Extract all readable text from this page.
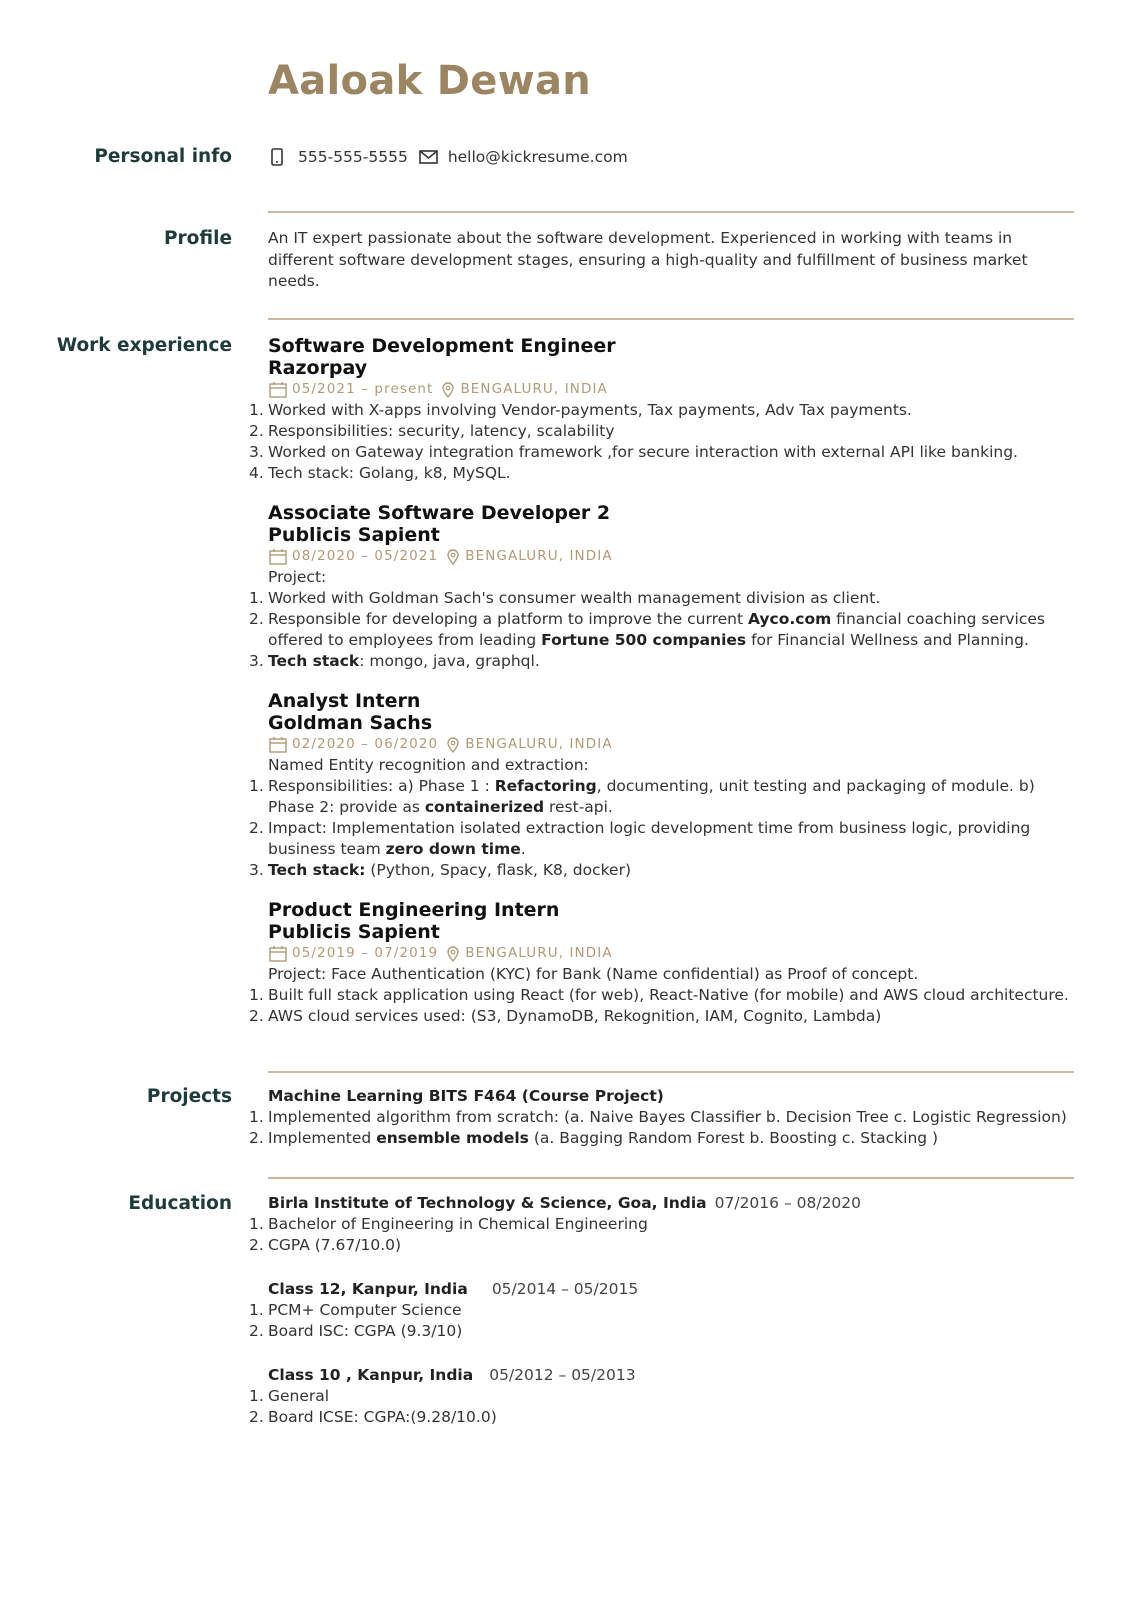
Aaloak Dewan
Personal info	555-555-5555	hello@kickresume.com
Profile An IT expert passionate about the software development. Experienced in working with teams in different software development stages, ensuring a high-quality and fulfillment of business market needs.

Work experience Software Development Engineer
Razorpay
05/2021 – present BENGALURU, INDIA
Worked with X-apps involving Vendor-payments, Tax payments, Adv Tax payments.
Responsibilities: security, latency, scalability
Worked on Gateway integration framework ,for secure interaction with external API like banking.
Tech stack: Golang, k8, MySQL.
Associate Software Developer 2
Publicis Sapient
08/2020 – 05/2021 BENGALURU, INDIA
Project:
Worked with Goldman Sach's consumer wealth management division as client.
Responsible for developing a platform to improve the current Ayco.com financial coaching services offered to employees from leading Fortune 500 companies for Financial Wellness and Planning.
Tech stack: mongo, java, graphql.
Analyst Intern
Goldman Sachs
02/2020 – 06/2020 BENGALURU, INDIA
Named Entity recognition and extraction:
Responsibilities: a) Phase 1 : Refactoring, documenting, unit testing and packaging of module. b) Phase 2: provide as containerized rest-api.
Impact: Implementation isolated extraction logic development time from business logic, providing business team zero down time.
Tech stack: (Python, Spacy, flask, K8, docker)
Product Engineering Intern
Publicis Sapient
05/2019 – 07/2019 BENGALURU, INDIA
Project: Face Authentication (KYC) for Bank (Name confidential) as Proof of concept.
Built full stack application using React (for web), React-Native (for mobile) and AWS cloud architecture.
AWS cloud services used: (S3, DynamoDB, Rekognition, IAM, Cognito, Lambda)
Projects Machine Learning BITS F464 (Course Project)
Implemented algorithm from scratch: (a. Naive Bayes Classifier b. Decision Tree c. Logistic Regression)
Implemented ensemble models (a. Bagging Random Forest b. Boosting c. Stacking )
Education Birla Institute of Technology & Science, Goa, India 07/2016 – 08/2020
Bachelor of Engineering in Chemical Engineering
CGPA (7.67/10.0)
Class 12, Kanpur, India 05/2014 – 05/2015
PCM+ Computer Science
Board ISC: CGPA (9.3/10)
Class 10 , Kanpur, India 05/2012 – 05/2013
General
Board ICSE: CGPA:(9.28/10.0)
